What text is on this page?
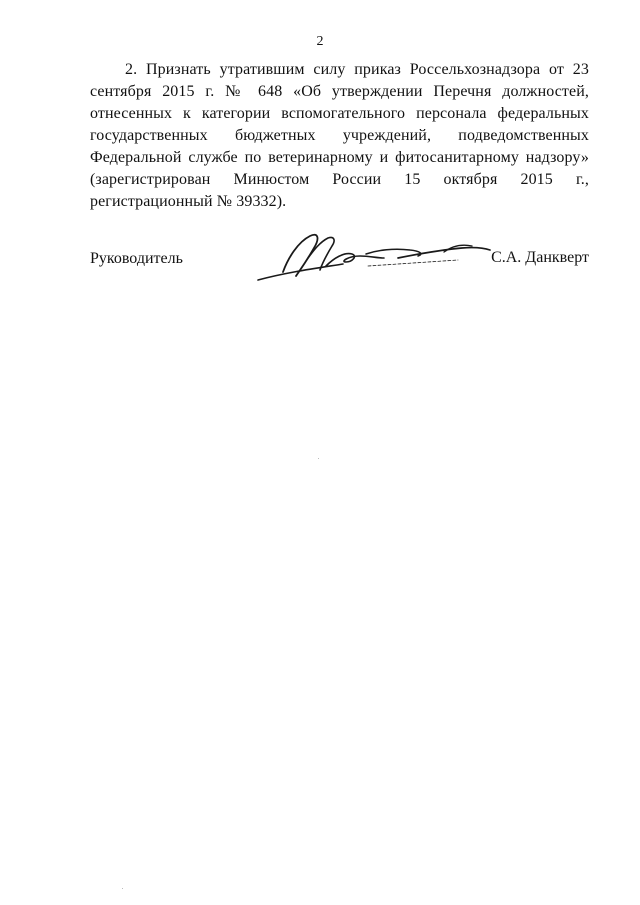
2

2. Признать утратившим силу приказ Россельхознадзора от 23 сентября 2015 г. № 648 «Об утверждении Перечня должностей, отнесенных к категории вспомогательного персонала федеральных государственных бюджетных учреждений, подведомственных Федеральной службе по ветеринарному и фитосанитарному надзору» (зарегистрирован Минюстом России 15 октября 2015 г., регистрационный № 39332).

Руководитель	С.А. Данкверт
